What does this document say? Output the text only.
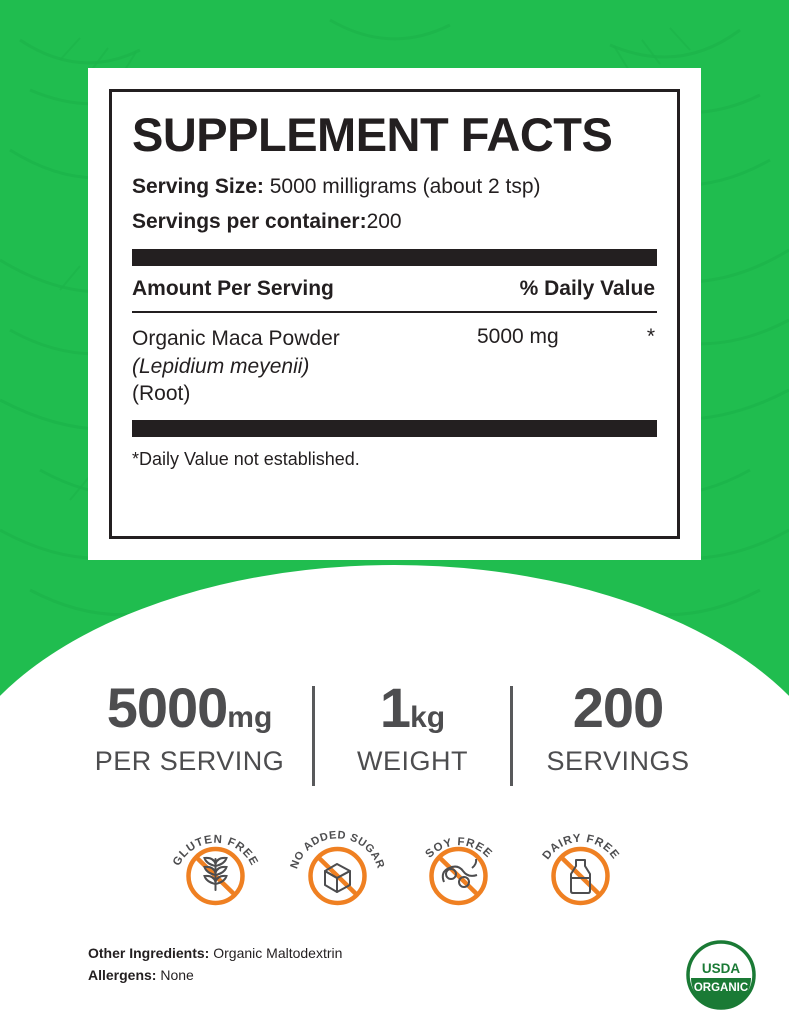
SUPPLEMENT FACTS
Serving Size: 5000 milligrams (about 2 tsp)
Servings per container:200
Amount Per Serving	% Daily Value
Organic Maca Powder
(Lepidium meyenii)
(Root)
5000 mg	*
*Daily Value not established.
5000mg
PER SERVING
1kg
WEIGHT
200
SERVINGS
GLUTEN FREE	NO ADDED SUGAR
SOY FREE	DAIRY FREE
Other Ingredients: Organic Maltodextrin
Allergens: None	USDA
ORGANIC
